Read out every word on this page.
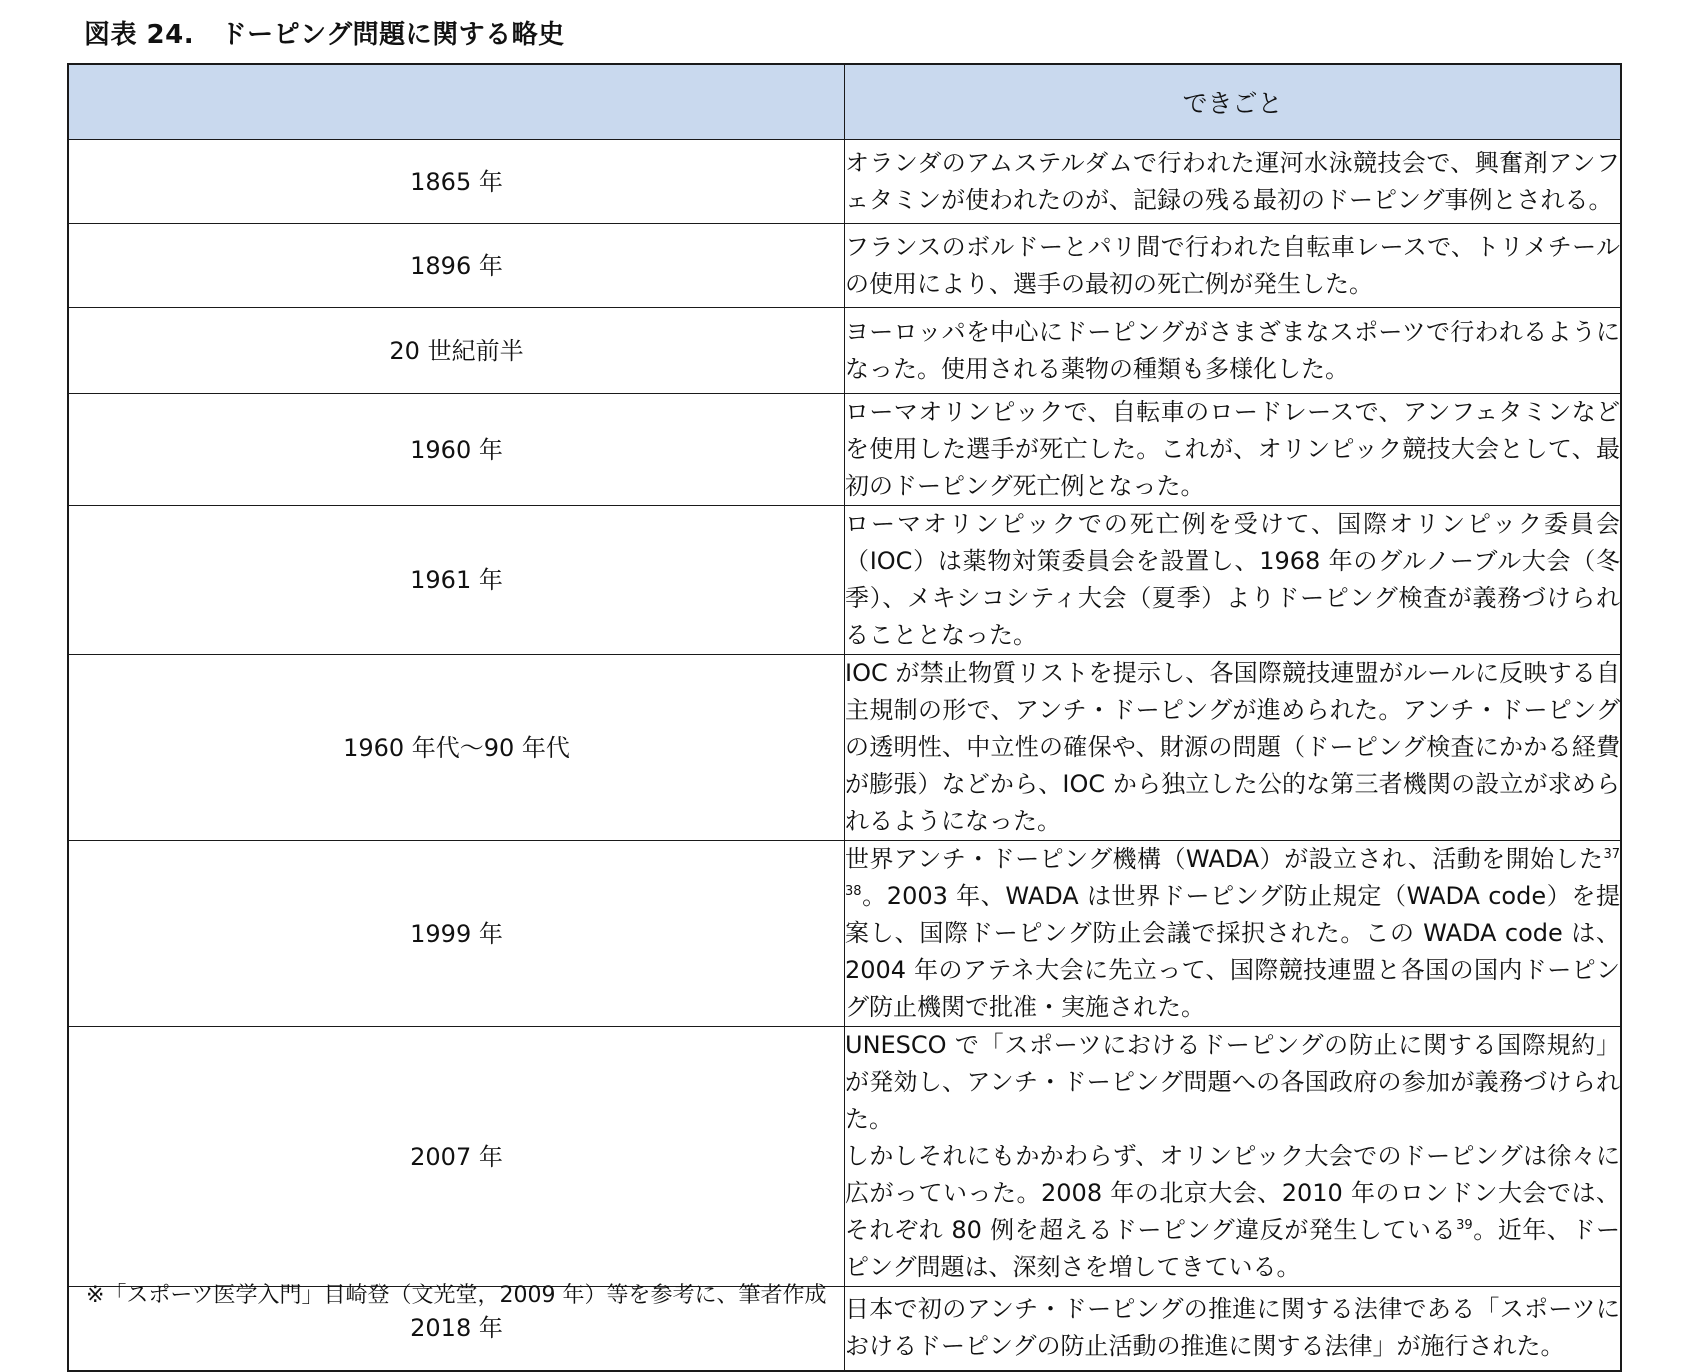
図表 24.　ドーピング問題に関する略史
	できごと
1865 年	オランダのアムステルダムで行われた運河水泳競技会で、興奮剤アンフェタミンが使われたのが、記録の残る最初のドーピング事例とされる。

1896 年	フランスのボルドーとパリ間で行われた自転車レースで、トリメチールの使用により、選手の最初の死亡例が発生した。

20 世紀前半	ヨーロッパを中心にドーピングがさまざまなスポーツで行われるようになった。使用される薬物の種類も多様化した。

1960 年	ローマオリンピックで、自転車のロードレースで、アンフェタミンなどを使用した選手が死亡した。これが、オリンピック競技大会として、最初のドーピング死亡例となった。

1961 年	ローマオリンピックでの死亡例を受けて、国際オリンピック委員会（IOC）は薬物対策委員会を設置し、1968 年のグルノーブル大会（冬季）、メキシコシティ大会（夏季）よりドーピング検査が義務づけられることとなった。

1960 年代〜90 年代	IOC が禁止物質リストを提示し、各国際競技連盟がルールに反映する自主規制の形で、アンチ・ドーピングが進められた。アンチ・ドーピングの透明性、中立性の確保や、財源の問題（ドーピング検査にかかる経費が膨張）などから、IOC から独立した公的な第三者機関の設立が求められるようになった。

1999 年	世界アンチ・ドーピング機構（WADA）が設立され、活動を開始した$^{37 38}$。2003 年、WADA は世界ドーピング防止規定（WADA code）を提案し、国際ドーピング防止会議で採択された。この WADA code は、2004 年のアテネ大会に先立って、国際競技連盟と各国の国内ドーピング防止機関で批准・実施された。

2007 年	UNESCO で「スポーツにおけるドーピングの防止に関する国際規約」が発効し、アンチ・ドーピング問題への各国政府の参加が義務づけられた。
しかしそれにもかかわらず、オリンピック大会でのドーピングは徐々に広がっていった。2008 年の北京大会、2010 年のロンドン大会では、それぞれ 80 例を超えるドーピング違反が発生している$^{39}$。近年、ドーピング問題は、深刻さを増してきている。

2018 年	日本で初のアンチ・ドーピングの推進に関する法律である「スポーツにおけるドーピングの防止活動の推進に関する法律」が施行された。
※「スポーツ医学入門」目崎登（文光堂，2009 年）等を参考に、筆者作成
